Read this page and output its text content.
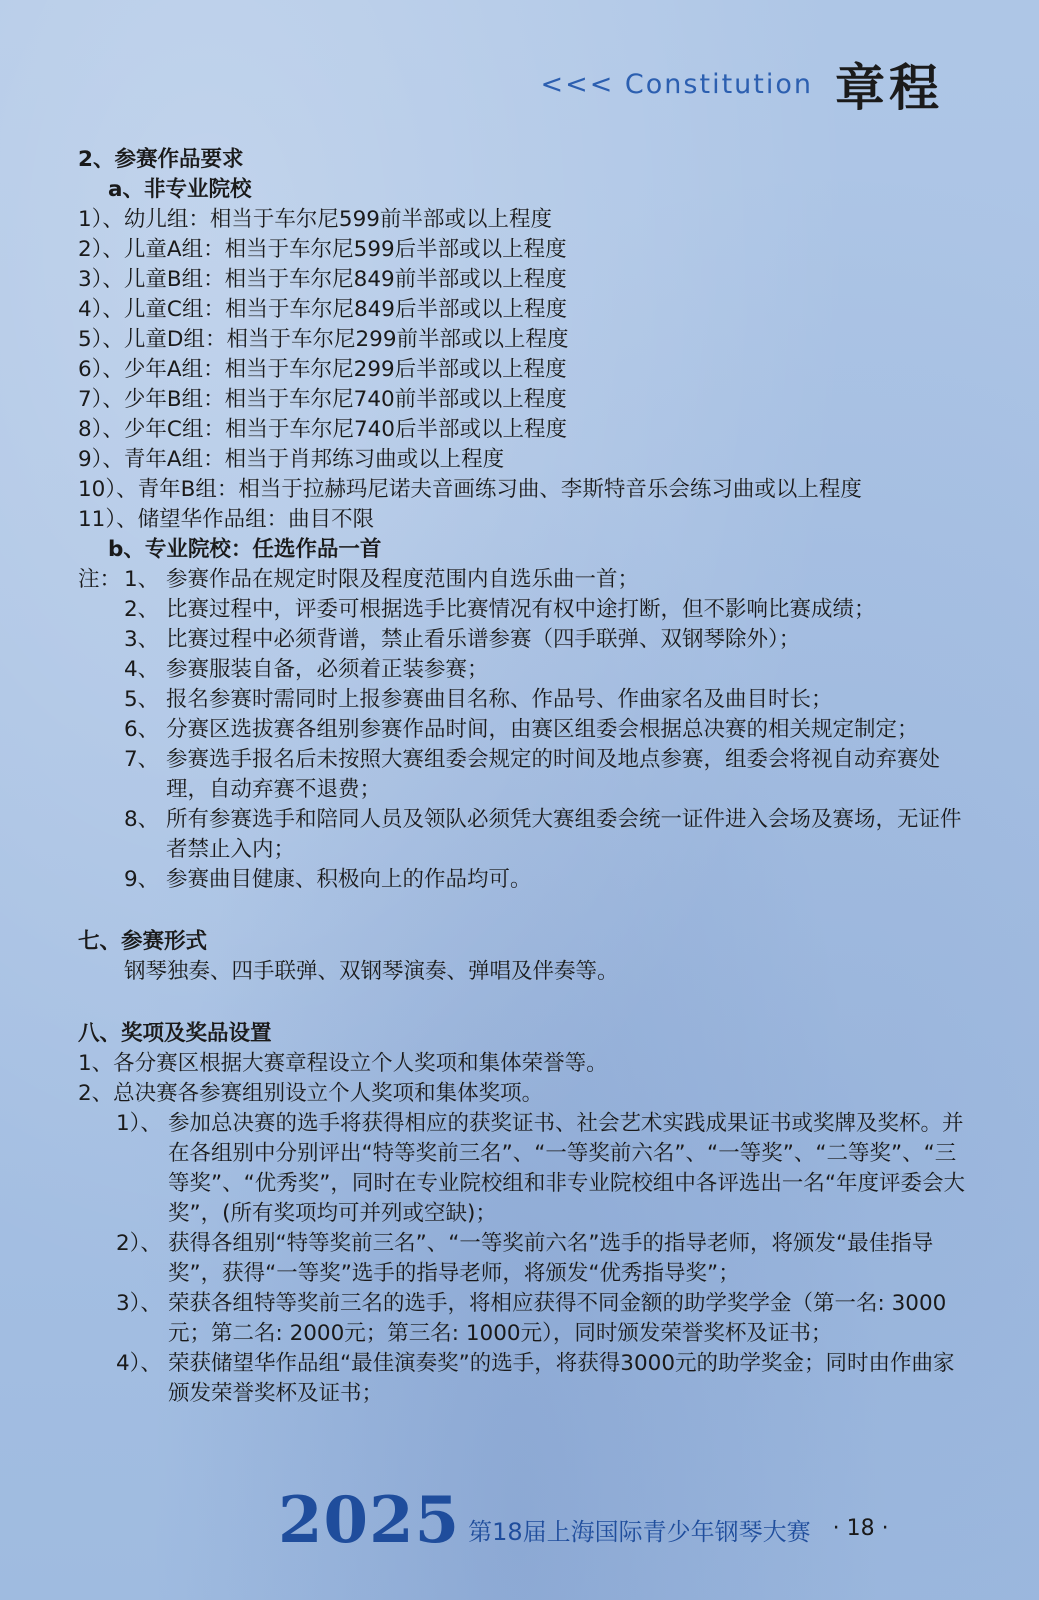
<<< Constitution 章程
2、参赛作品要求
a、非专业院校
1）、幼儿组：相当于车尔尼599前半部或以上程度
2）、儿童A组：相当于车尔尼599后半部或以上程度
3）、儿童B组：相当于车尔尼849前半部或以上程度
4）、儿童C组：相当于车尔尼849后半部或以上程度
5）、儿童D组：相当于车尔尼299前半部或以上程度
6）、少年A组：相当于车尔尼299后半部或以上程度
7）、少年B组：相当于车尔尼740前半部或以上程度
8）、少年C组：相当于车尔尼740后半部或以上程度
9）、青年A组：相当于肖邦练习曲或以上程度
10）、青年B组：相当于拉赫玛尼诺夫音画练习曲、李斯特音乐会练习曲或以上程度
11）、储望华作品组：曲目不限
b、专业院校：任选作品一首
注： 1、 参赛作品在规定时限及程度范围内自选乐曲一首；
2、 比赛过程中，评委可根据选手比赛情况有权中途打断，但不影响比赛成绩；
3、 比赛过程中必须背谱，禁止看乐谱参赛（四手联弹、双钢琴除外）；
4、 参赛服装自备，必须着正装参赛；
5、 报名参赛时需同时上报参赛曲目名称、作品号、作曲家名及曲目时长；
6、 分赛区选拔赛各组别参赛作品时间，由赛区组委会根据总决赛的相关规定制定；
7、 参赛选手报名后未按照大赛组委会规定的时间及地点参赛，组委会将视自动弃赛处理，自动弃赛不退费；
8、 所有参赛选手和陪同人员及领队必须凭大赛组委会统一证件进入会场及赛场，无证件者禁止入内；
9、 参赛曲目健康、积极向上的作品均可。
七、参赛形式
钢琴独奏、四手联弹、双钢琴演奏、弹唱及伴奏等。
八、奖项及奖品设置
1、各分赛区根据大赛章程设立个人奖项和集体荣誉等。
2、总决赛各参赛组别设立个人奖项和集体奖项。
1）、 参加总决赛的选手将获得相应的获奖证书、社会艺术实践成果证书或奖牌及奖杯。并在各组别中分别评出“特等奖前三名”、“一等奖前六名”、“一等奖”、“二等奖”、“三等奖”、“优秀奖”，同时在专业院校组和非专业院校组中各评选出一名“年度评委会大奖”，(所有奖项均可并列或空缺)；
2）、 获得各组别“特等奖前三名”、“一等奖前六名”选手的指导老师，将颁发“最佳指导奖”，获得“一等奖”选手的指导老师，将颁发“优秀指导奖”；
3）、 荣获各组特等奖前三名的选手，将相应获得不同金额的助学奖学金（第一名: 3000元；第二名: 2000元；第三名: 1000元），同时颁发荣誉奖杯及证书；
4）、 荣获储望华作品组“最佳演奏奖”的选手，将获得3000元的助学奖金；同时由作曲家颁发荣誉奖杯及证书；
2025 第18届上海国际青少年钢琴大赛 · 18 ·
